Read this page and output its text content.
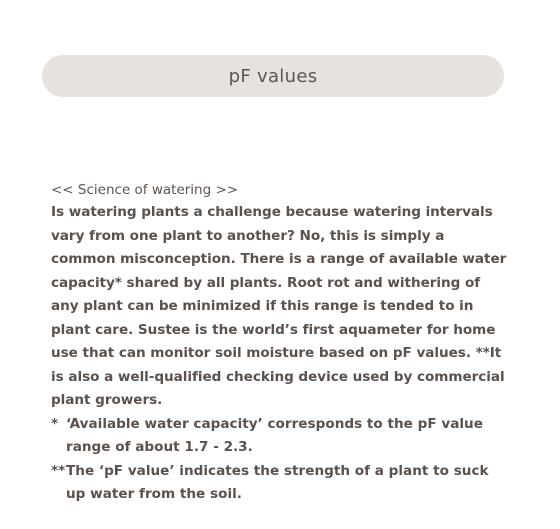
pF values

<< Science of watering >>

Is watering plants a challenge because watering intervals vary from one plant to another? No, this is simply a common misconception. There is a range of available water capacity* shared by all plants. Root rot and withering of any plant can be minimized if this range is tended to in plant care. Sustee is the world’s first aquameter for home use that can monitor soil moisture based on pF values. **It is also a well-qualified checking device used by commercial plant growers.

* ‘Available water capacity’ corresponds to the pF value range of about 1.7 - 2.3.
** The ‘pF value’ indicates the strength of a plant to suck up water from the soil.
